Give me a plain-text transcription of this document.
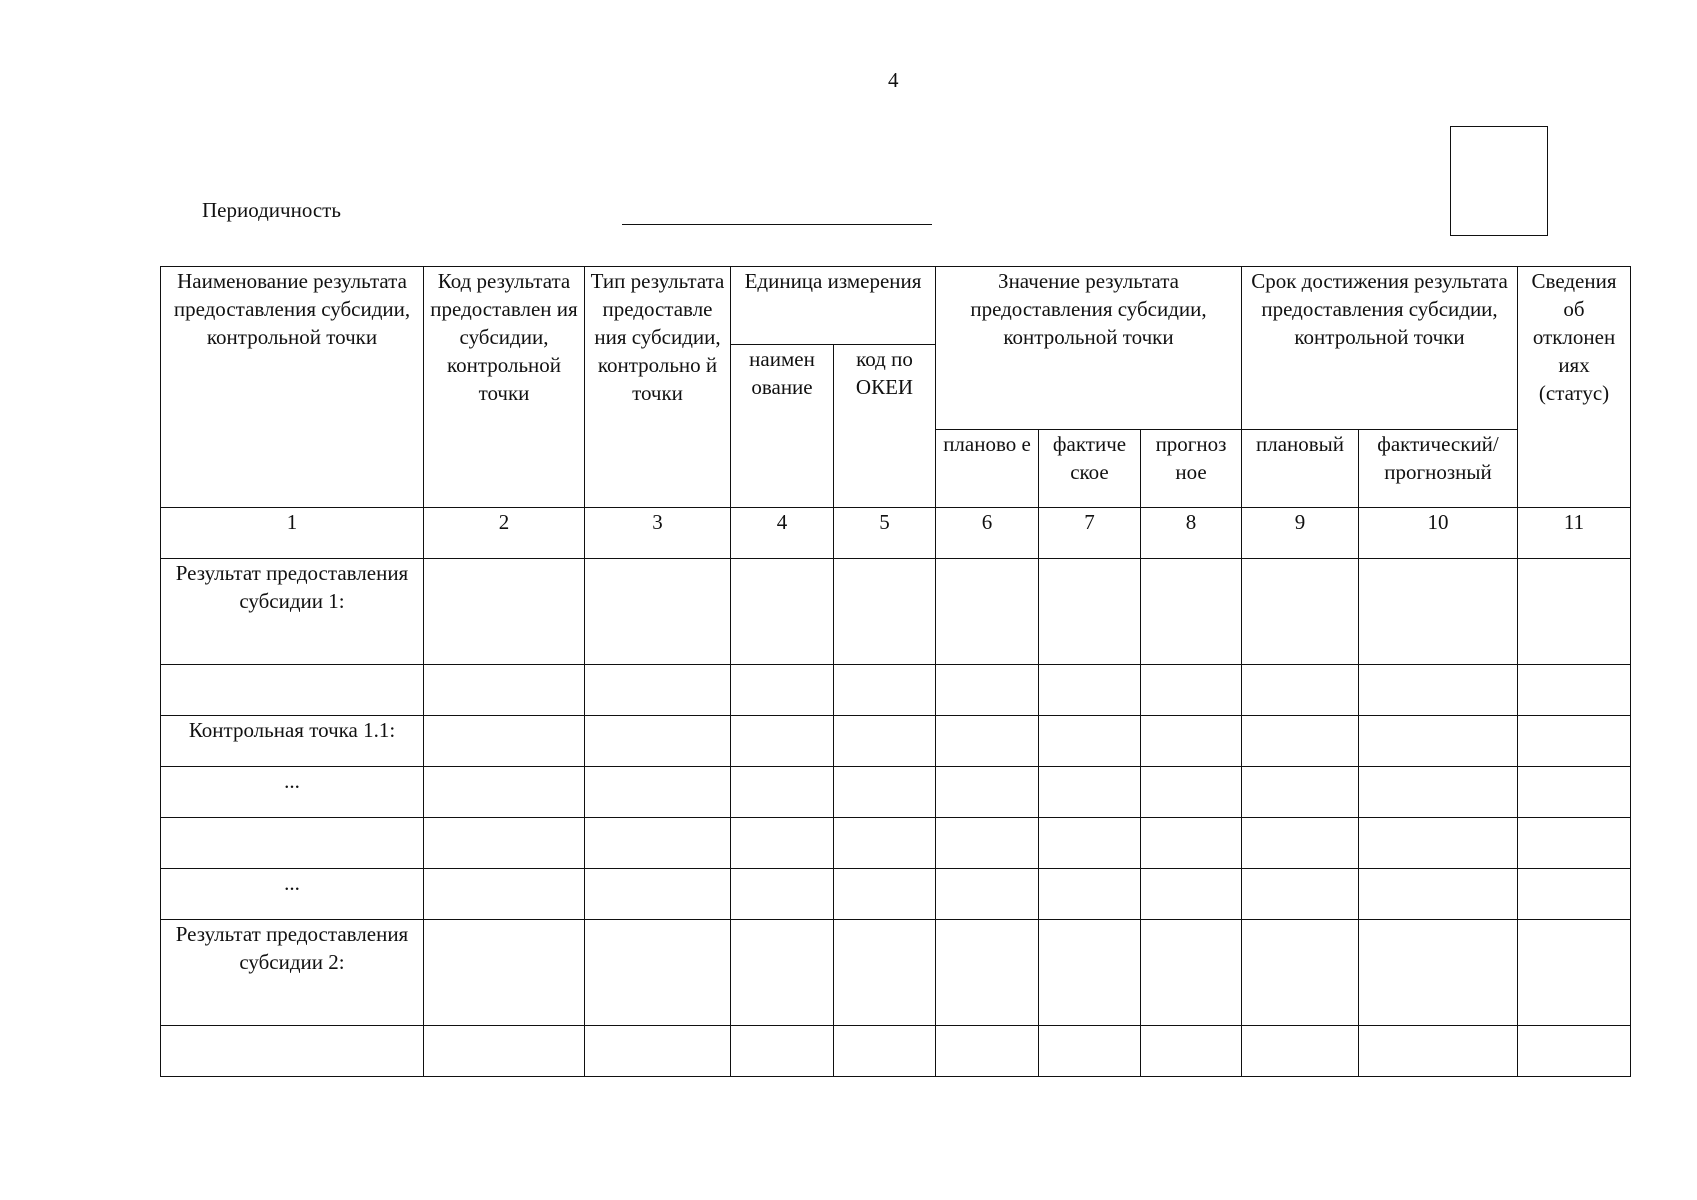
4
Периодичность
Наименование результата предоставления субсидии, контрольной точки	Код результата предоставлен ия субсидии, контрольной точки	Тип результата предоставле ния субсидии, контрольно й точки	Единица измерения		Значение результата предоставления субсидии, контрольной точки			Срок достижения результата предоставления субсидии, контрольной точки		Сведения об отклонен иях (статус)
			наимен ование	код по ОКЕИ						
					планово е	фактиче ское	прогноз ное	плановый	фактический/ прогнозный	
1	2	3	4	5	6	7	8	9	10	11
Результат предоставления субсидии 1:										

Контрольная точка 1.1:										
...										

...										
Результат предоставления субсидии 2:										
